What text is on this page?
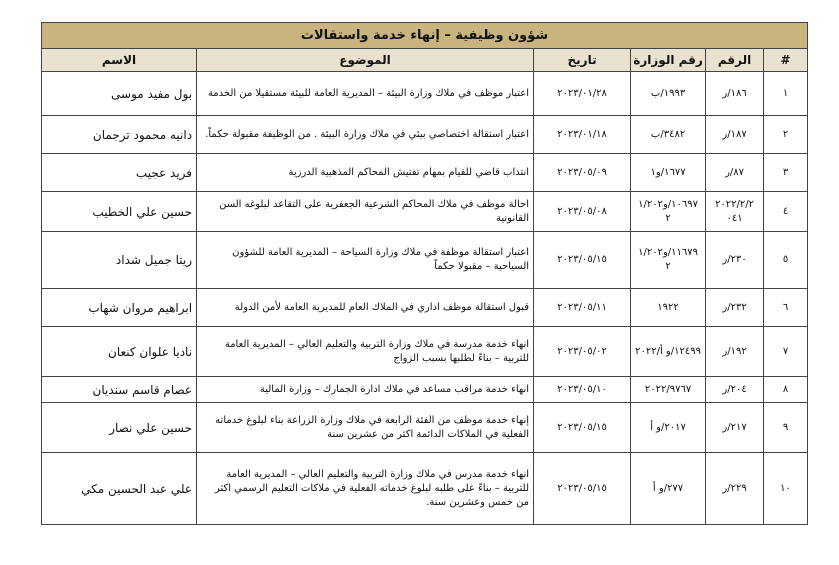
شؤون وظيفية – إنهاء خدمة واستقالات					
#	الرقم	رقم الوزارة	تاريخ	الموضوع	الاسم
١	١٨٦/ر	١٩٩٣/ب	٢٠٢٣/٠١/٢٨	اعتبار موظف في ملاك وزارة البيئة – المديرية العامة للبيئة مستقيلا من الخدمة	بول مفيد موسى
٢	١٨٧/ر	٣٤٨٢/ب	٢٠٢٣/٠١/١٨	اعتبار استقالة اختصاصي بيئي في ملاك وزارة البيئة . من الوظيفة مقبولة حكماً.	دانيه محمود ترجمان
٣	٨٧/ر	١٦٧٧/و١	٢٠٢٣/٠٥/٠٩	انتداب قاضي للقيام بمهام تفتيش المحاكم المذهبية الدرزية	فريد عجيب
٤	٢٠٢٢/٢/٢ ٠٤١	١٠٦٩٧/و١/٢٠٢ ٢	٢٠٢٣/٠٥/٠٨	احالة موظف في ملاك المحاكم الشرعية الجعفرية على التقاعد لبلوغه السن القانونية	حسين علي الخطيب
٥	٢٣٠/ر	١١٦٧٩/و١/٢٠٢ ٢	٢٠٢٣/٠٥/١٥	اعتبار استقالة موظفة في ملاك وزارة السياحة – المديرية العامة للشؤون السياحية – مقبولا حكماً	ريتا جميل شداد
٦	٢٣٢/ر	١٩٢٢	٢٠٢٣/٠٥/١١	قبول استقالة موظف اداري في الملاك العام للمديرية العامة لأمن الدولة	ابراهيم مروان شهاب
٧	١٩٢/ر	١٢٤٩٩/و أ/٢٠٢٢	٢٠٢٣/٠٥/٠٢	انهاء خدمة مدرسة في ملاك وزارة التربية والتعليم العالي – المديرية العامة للتربية – بناءً لطلبها بسبب الزواج	ناديا علوان كنعان
٨	٢٠٤/ر	٢٠٢٢/٩٧٦٧	٢٠٢٣/٠٥/١٠	انهاء خدمة مراقب مساعد في ملاك ادارة الجمارك – وزارة المالية	عصام قاسم سنديان
٩	٢١٧/ر	٢٠١٧/و أ	٢٠٢٣/٠٥/١٥	إنهاء خدمة موظف من الفئة الرابعة في ملاك وزارة الزراعة بناء لبلوغ خدماته الفعلية في الملاكات الدائمة اكثر من عشرين سنة	حسين علي نصار
١٠	٢٢٩/ر	٢٧٧/و أ	٢٠٢٣/٠٥/١٥	انهاء خدمة مدرس في ملاك وزارة التربية والتعليم العالي – المديرية العامة للتربية – بناءً على طلبه لبلوغ خدماته الفعلية في ملاكات التعليم الرسمي اكثر من خمس وعشرين سنة.	علي عبد الحسين مكي
